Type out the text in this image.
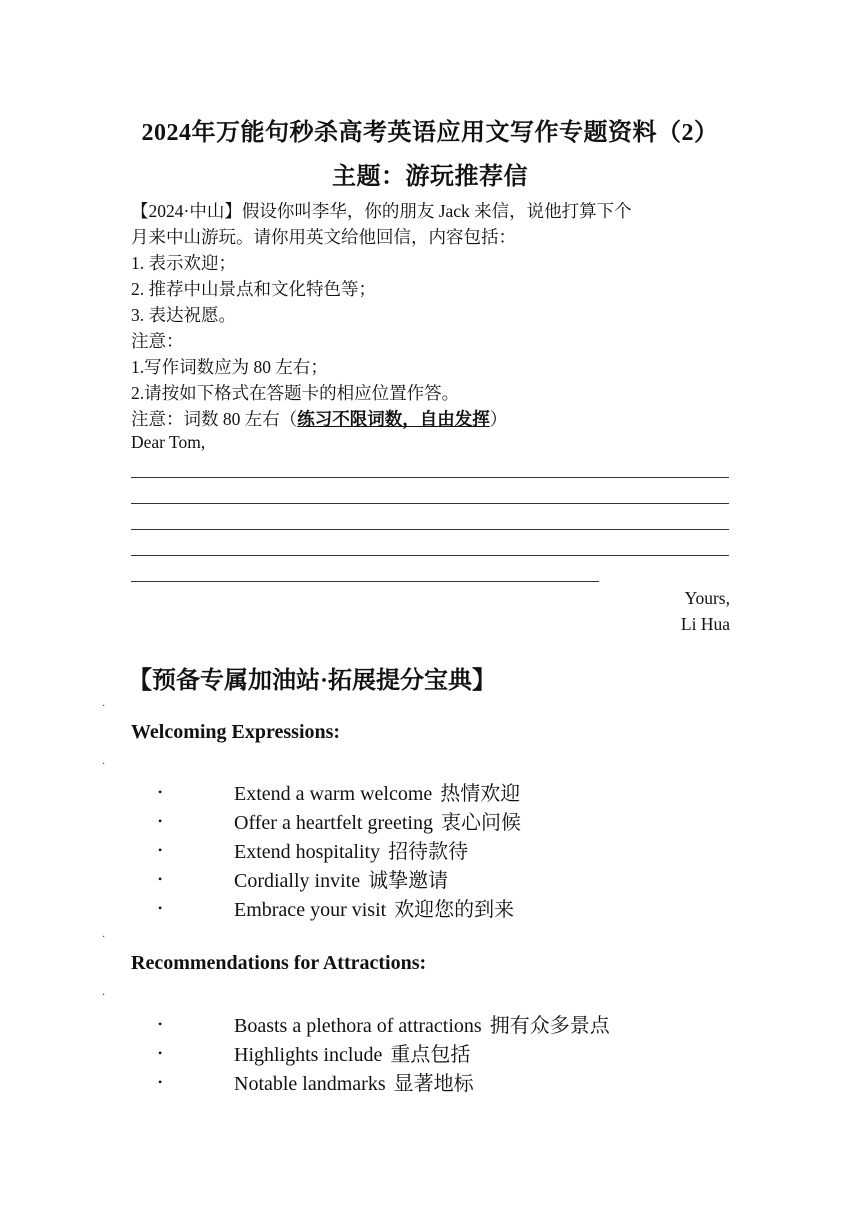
2024年万能句秒杀高考英语应用文写作专题资料（2）
主题：游玩推荐信
【2024·中山】假设你叫李华，你的朋友 Jack 来信，说他打算下个
月来中山游玩。请你用英文给他回信，内容包括：
1. 表示欢迎；
2. 推荐中山景点和文化特色等；
3. 表达祝愿。
注意：
1.写作词数应为 80 左右；
2.请按如下格式在答题卡的相应位置作答。
注意：词数 80 左右（练习不限词数，自由发挥）
Dear Tom,
Yours,
Li Hua
【预备专属加油站·拓展提分宝典】
·
Welcoming Expressions:
·
•	Extend a warm welcome 热情欢迎
•	Offer a heartfelt greeting 衷心问候
•	Extend hospitality 招待款待
•	Cordially invite 诚挚邀请
•	Embrace your visit 欢迎您的到来
·
Recommendations for Attractions:
·
•	Boasts a plethora of attractions 拥有众多景点
•	Highlights include 重点包括
•	Notable landmarks 显著地标
